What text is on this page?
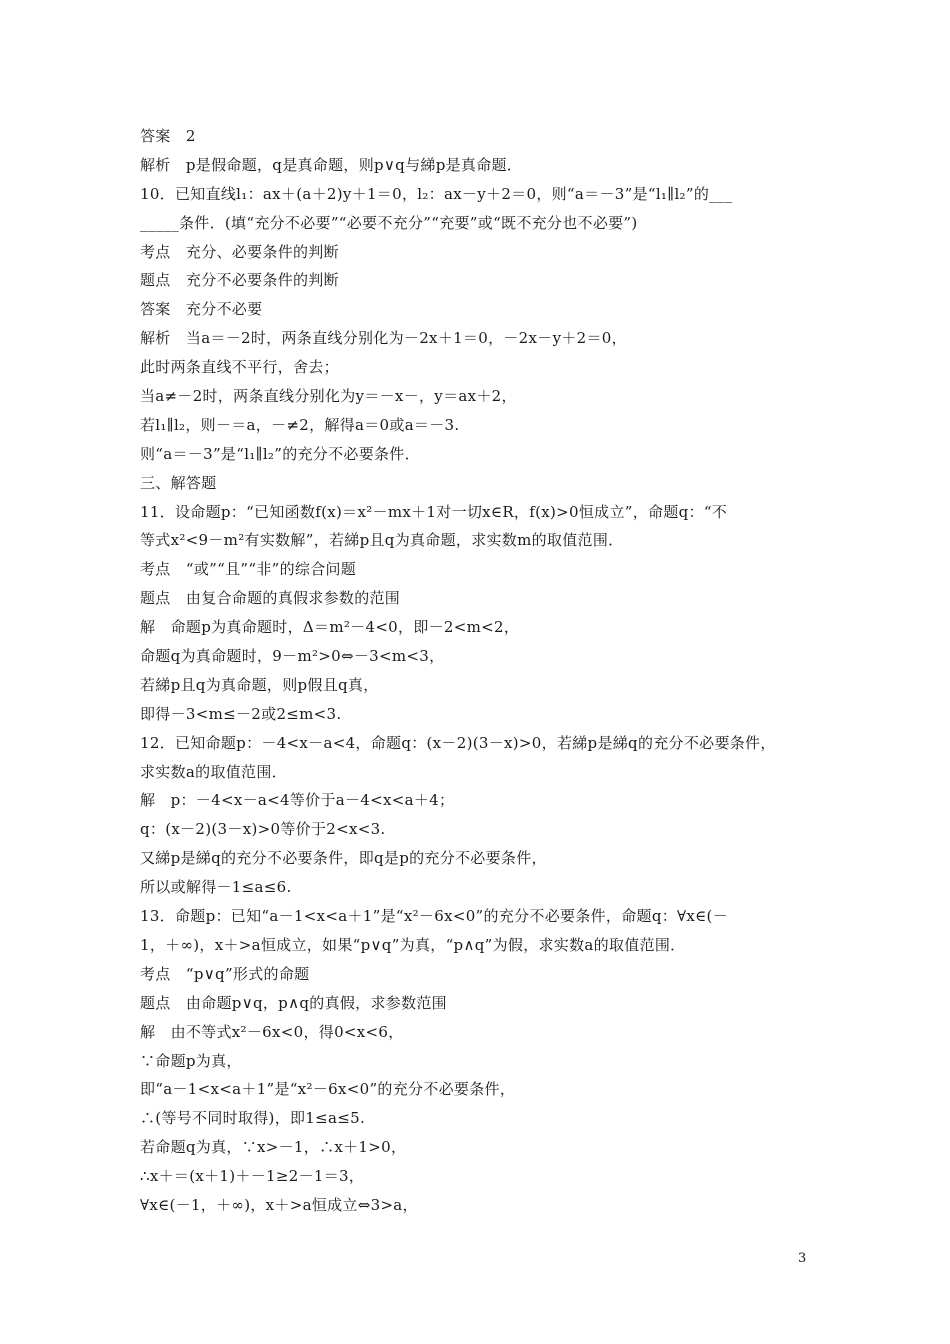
答案　2
解析　p是假命题，q是真命题，则p∨q与綈p是真命题．
10．已知直线l₁：ax＋(a＋2)y＋1＝0，l₂：ax－y＋2＝0，则“a＝－3”是“l₁∥l₂”的___
_____条件．(填“充分不必要”“必要不充分”“充要”或“既不充分也不必要”)
考点　充分、必要条件的判断
题点　充分不必要条件的判断
答案　充分不必要
解析　当a＝－2时，两条直线分别化为－2x＋1＝0，－2x－y＋2＝0，
此时两条直线不平行，舍去；
当a≠－2时，两条直线分别化为y＝－x－，y＝ax＋2，
若l₁∥l₂，则－＝a，－≠2，解得a＝0或a＝－3.
则“a＝－3”是“l₁∥l₂”的充分不必要条件．
三、解答题
11．设命题p：“已知函数f(x)＝x²－mx＋1对一切x∈R，f(x)>0恒成立”，命题q：“不
等式x²<9－m²有实数解”，若綈p且q为真命题，求实数m的取值范围．
考点　“或”“且”“非”的综合问题
题点　由复合命题的真假求参数的范围
解　命题p为真命题时，Δ＝m²－4<0，即－2<m<2，
命题q为真命题时，9－m²>0⇔－3<m<3，
若綈p且q为真命题，则p假且q真，
即得－3<m≤－2或2≤m<3.
12．已知命题p：－4<x－a<4，命题q：(x－2)(3－x)>0，若綈p是綈q的充分不必要条件，
求实数a的取值范围．
解　p：－4<x－a<4等价于a－4<x<a＋4；
q：(x－2)(3－x)>0等价于2<x<3.
又綈p是綈q的充分不必要条件，即q是p的充分不必要条件，
所以或解得－1≤a≤6.
13．命题p：已知“a－1<x<a＋1”是“x²－6x<0”的充分不必要条件，命题q：∀x∈(－
1，＋∞)，x＋>a恒成立，如果“p∨q”为真，“p∧q”为假，求实数a的取值范围．
考点　“p∨q”形式的命题
题点　由命题p∨q，p∧q的真假，求参数范围
解　由不等式x²－6x<0，得0<x<6，
∵命题p为真，
即“a－1<x<a＋1”是“x²－6x<0”的充分不必要条件，
∴(等号不同时取得)，即1≤a≤5.
若命题q为真，∵x>－1，∴x＋1>0，
∴x＋＝(x＋1)＋－1≥2－1＝3，
∀x∈(－1，＋∞)，x＋>a恒成立⇔3>a，
3
